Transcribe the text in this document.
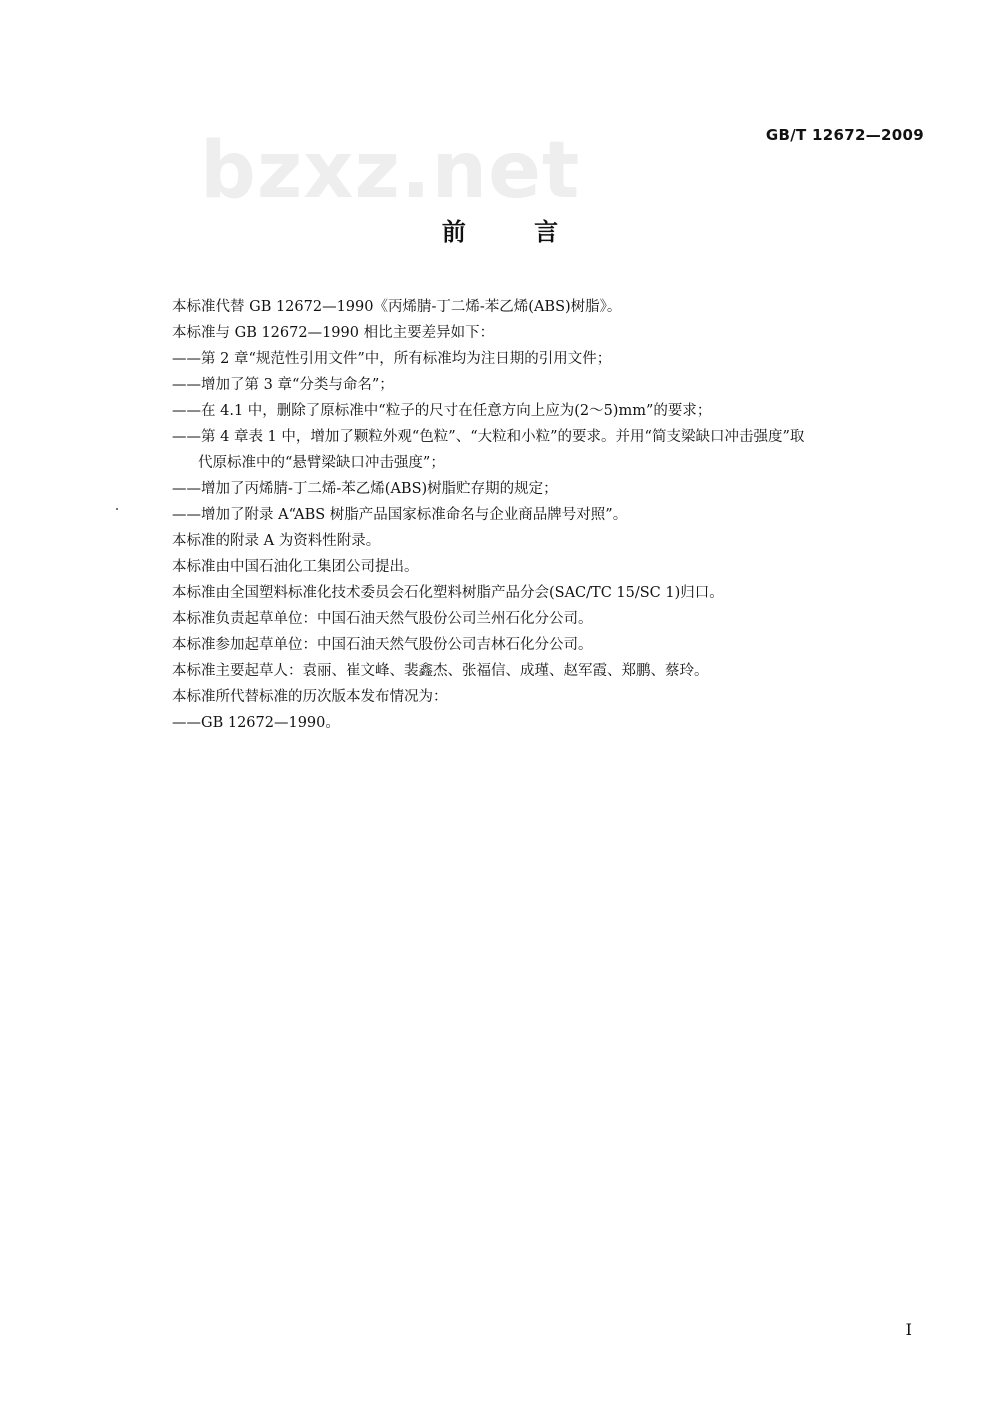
GB/T 12672—2009
bzxz.net
前 言
本标准代替 GB 12672—1990《丙烯腈-丁二烯-苯乙烯(ABS)树脂》。
本标准与 GB 12672—1990 相比主要差异如下：
——第 2 章“规范性引用文件”中，所有标准均为注日期的引用文件；
——增加了第 3 章“分类与命名”；
——在 4.1 中，删除了原标准中“粒子的尺寸在任意方向上应为(2～5)mm”的要求；
——第 4 章表 1 中，增加了颗粒外观“色粒”、“大粒和小粒”的要求。并用“简支梁缺口冲击强度”取
代原标准中的“悬臂梁缺口冲击强度”；
——增加了丙烯腈-丁二烯-苯乙烯(ABS)树脂贮存期的规定；
——增加了附录 A“ABS 树脂产品国家标准命名与企业商品牌号对照”。
本标准的附录 A 为资料性附录。
本标准由中国石油化工集团公司提出。
本标准由全国塑料标准化技术委员会石化塑料树脂产品分会(SAC/TC 15/SC 1)归口。
本标准负责起草单位：中国石油天然气股份公司兰州石化分公司。
本标准参加起草单位：中国石油天然气股份公司吉林石化分公司。
本标准主要起草人：袁丽、崔文峰、裴鑫杰、张福信、成瑾、赵军霞、郑鹏、蔡玲。
本标准所代替标准的历次版本发布情况为：
——GB 12672—1990。
I
